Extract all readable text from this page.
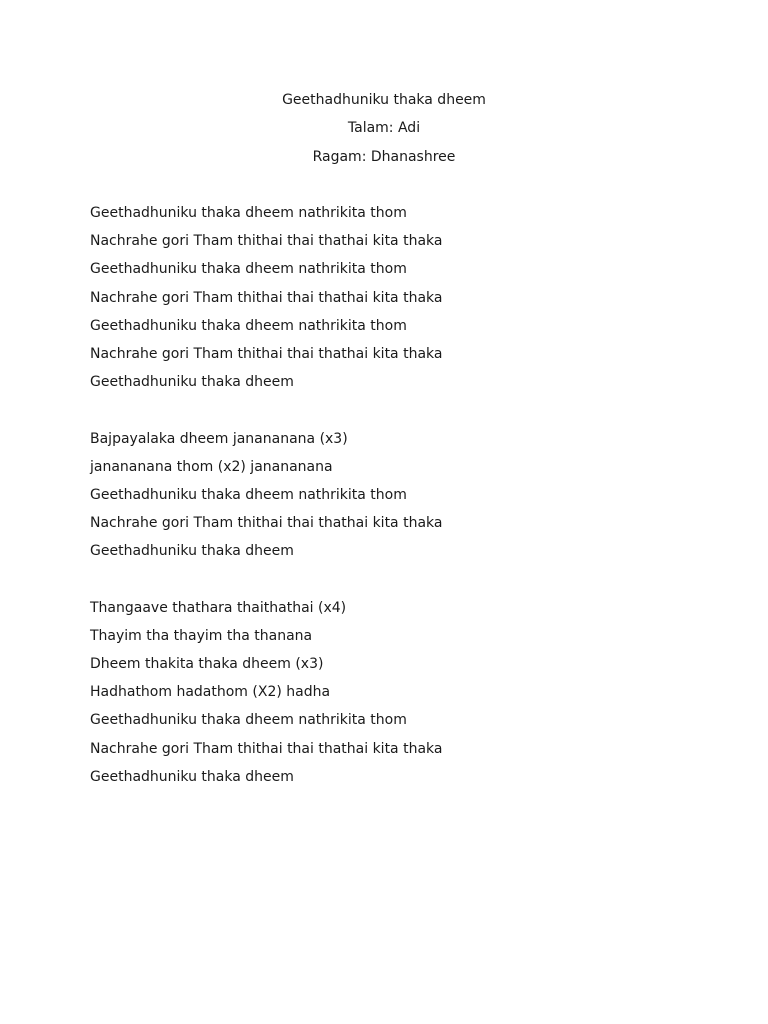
Geethadhuniku thaka dheem
Talam: Adi
Ragam: Dhanashree
Geethadhuniku thaka dheem nathrikita thom
Nachrahe gori Tham thithai thai thathai kita thaka
Geethadhuniku thaka dheem nathrikita thom
Nachrahe gori Tham thithai thai thathai kita thaka
Geethadhuniku thaka dheem nathrikita thom
Nachrahe gori Tham thithai thai thathai kita thaka
Geethadhuniku thaka dheem
Bajpayalaka dheem janananana (x3)
janananana thom (x2) janananana
Geethadhuniku thaka dheem nathrikita thom
Nachrahe gori Tham thithai thai thathai kita thaka
Geethadhuniku thaka dheem
Thangaave thathara thaithathai (x4)
Thayim tha thayim tha thanana
Dheem thakita thaka dheem (x3)
Hadhathom hadathom (X2) hadha
Geethadhuniku thaka dheem nathrikita thom
Nachrahe gori Tham thithai thai thathai kita thaka
Geethadhuniku thaka dheem
